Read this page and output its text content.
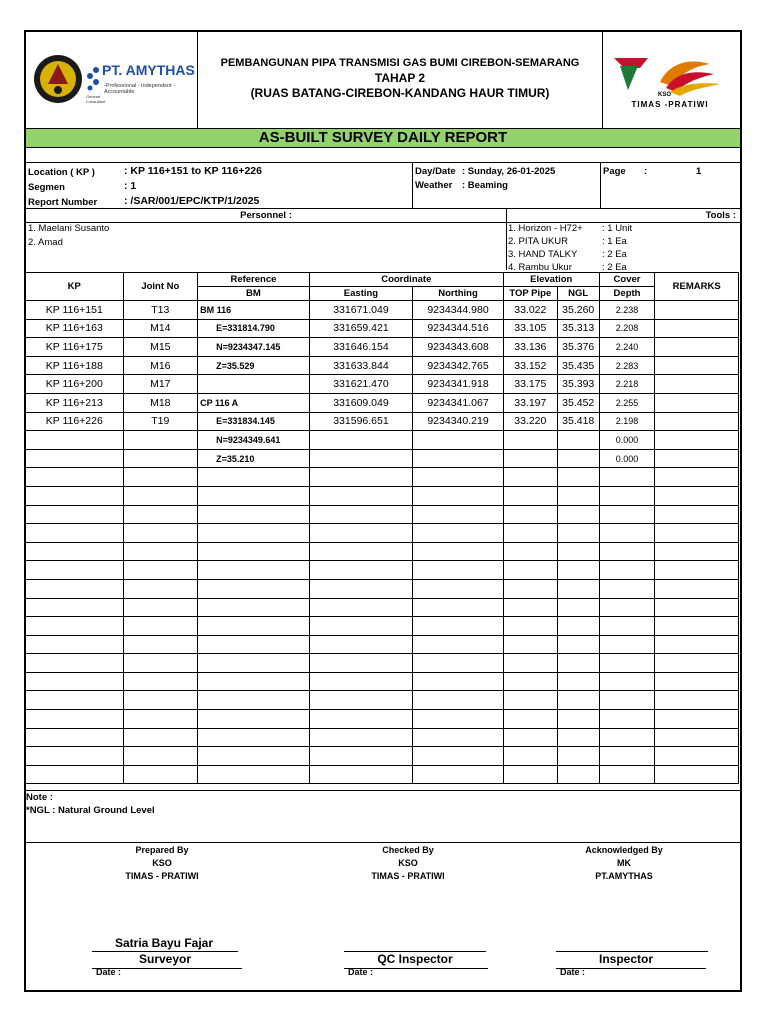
PT. AMYTHAS
-Professional - Independent - Accountable
General Consultant
PEMBANGUNAN PIPA TRANSMISI GAS BUMI CIREBON-SEMARANG
TAHAP 2
(RUAS BATANG-CIREBON-KANDANG HAUR TIMUR)	KSO
TIMAS -PRATIWI
AS-BUILT SURVEY DAILY REPORT
Location ( KP )	: KP 116+151 to KP 116+226
Segmen	: 1
Report Number	: /SAR/001/EPC/KTP/1/2025
Day/Date : Sunday, 26-01-2025
Weather : Beaming
Page :	1
Personnel :	Tools :
1. Maelani Susanto
2. Amad
1. Horizon - H72+ : 1 Unit
2. PITA UKUR	: 1 Ea
3. HAND TALKY	: 2 Ea
4. Rambu Ukur	: 2 Ea
KP	Joint No	Reference	Coordinate		Elevation		Cover	REMARKS
		BM	Easting	Northing	TOP Pipe	NGL	Depth	
KP 116+151	T13	BM 116	331671.049	9234344.980	33.022	35.260	2.238	
KP 116+163	M14	E=331814.790	331659.421	9234344.516	33.105	35.313	2.208	
KP 116+175	M15	N=9234347.145	331646.154	9234343.608	33.136	35.376	2.240	
KP 116+188	M16	Z=35.529	331633.844	9234342.765	33.152	35.435	2.283	
KP 116+200	M17		331621.470	9234341.918	33.175	35.393	2.218	
KP 116+213	M18	CP 116 A	331609.049	9234341.067	33.197	35.452	2.255	
KP 116+226	T19	E=331834.145	331596.651	9234340.219	33.220	35.418	2.198	
		N=9234349.641					0.000	
		Z=35.210					0.000	

Note :
*NGL : Natural Ground Level
Prepared By
KSO
TIMAS - PRATIWI
Checked By
KSO
TIMAS - PRATIWI
Acknowledged By
MK
PT.AMYTHAS
Satria Bayu Fajar
Surveyor
Date :
QC Inspector
Date :
Inspector
Date :
